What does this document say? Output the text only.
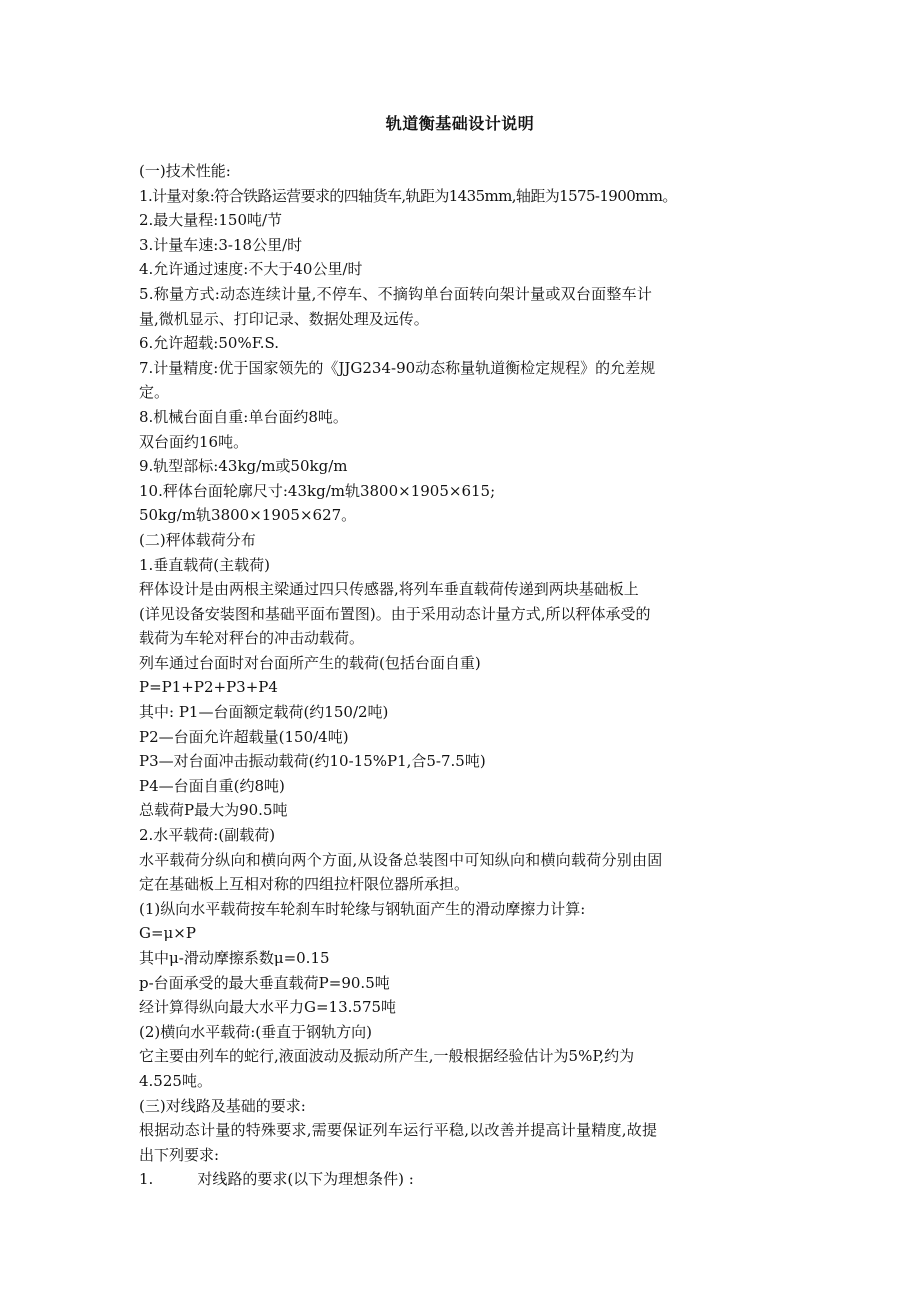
轨道衡基础设计说明
(一)技术性能:
1.计量对象:符合铁路运营要求的四轴货车,轨距为1435mm,轴距为1575-1900mm。
2.最大量程:150吨/节
3.计量车速:3-18公里/时
4.允许通过速度:不大于40公里/时
5.称量方式:动态连续计量,不停车、不摘钩单台面转向架计量或双台面整车计
量,微机显示、打印记录、数据处理及远传。
6.允许超载:50%F.S.
7.计量精度:优于国家领先的《JJG234-90动态称量轨道衡检定规程》的允差规
定。
8.机械台面自重:单台面约8吨。
双台面约16吨。
9.轨型部标:43kg/m或50kg/m
10.秤体台面轮廓尺寸:43kg/m轨3800×1905×615;
50kg/m轨3800×1905×627。
(二)秤体载荷分布
1.垂直载荷(主载荷)
秤体设计是由两根主梁通过四只传感器,将列车垂直载荷传递到两块基础板上
(详见设备安装图和基础平面布置图)。由于采用动态计量方式,所以秤体承受的
载荷为车轮对秤台的冲击动载荷。
列车通过台面时对台面所产生的载荷(包括台面自重)
P=P1+P2+P3+P4
其中: P1—台面额定载荷(约150/2吨)
P2—台面允许超载量(150/4吨)
P3—对台面冲击振动载荷(约10-15%P1,合5-7.5吨)
P4—台面自重(约8吨)
总载荷P最大为90.5吨
2.水平载荷:(副载荷)
水平载荷分纵向和横向两个方面,从设备总装图中可知纵向和横向载荷分别由固
定在基础板上互相对称的四组拉杆限位器所承担。
(1)纵向水平载荷按车轮刹车时轮缘与钢轨面产生的滑动摩擦力计算:
G=μ×P
其中μ-滑动摩擦系数μ=0.15
p-台面承受的最大垂直载荷P=90.5吨
经计算得纵向最大水平力G=13.575吨
(2)横向水平载荷:(垂直于钢轨方向)
它主要由列车的蛇行,液面波动及振动所产生,一般根据经验估计为5%P,约为
4.525吨。
(三)对线路及基础的要求:
根据动态计量的特殊要求,需要保证列车运行平稳,以改善并提高计量精度,故提
出下列要求:
1.	对线路的要求(以下为理想条件) :
